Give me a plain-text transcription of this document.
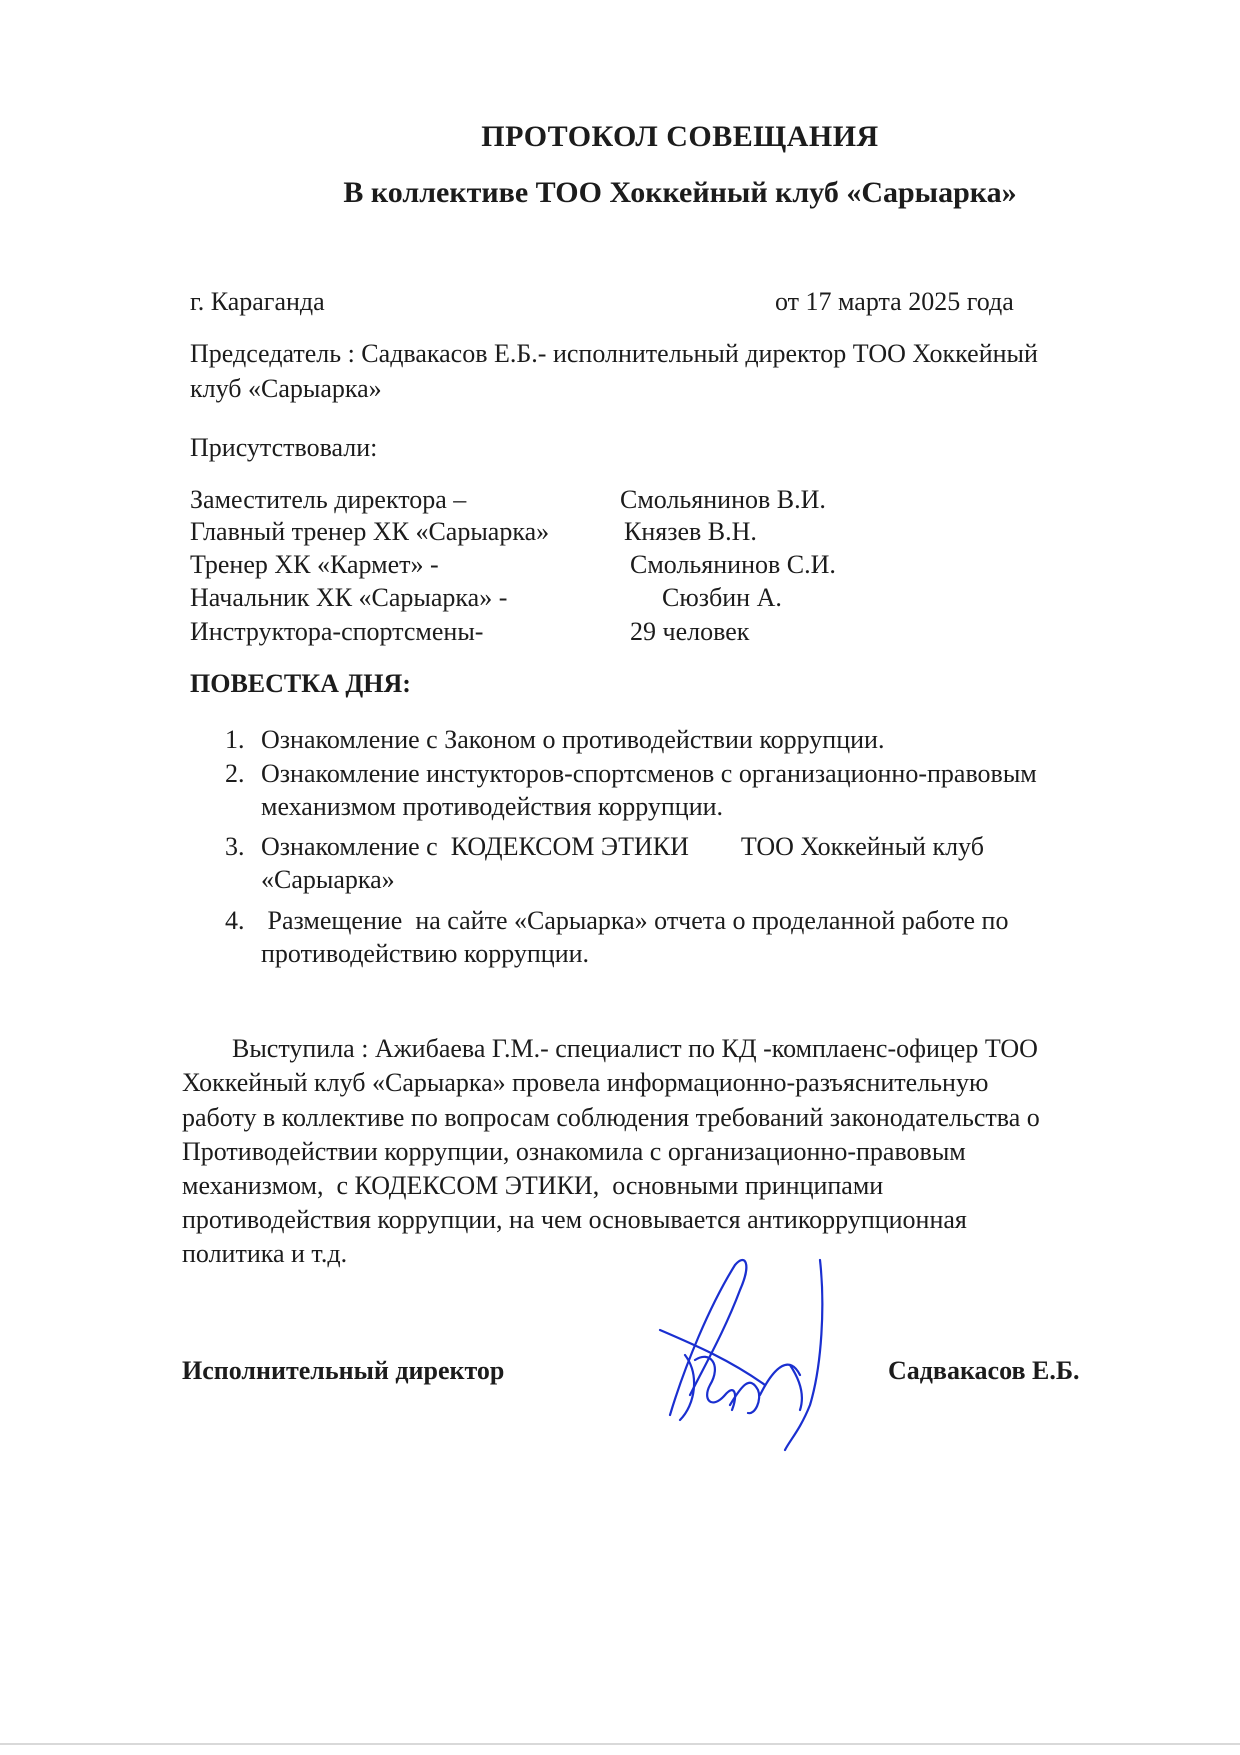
ПРОТОКОЛ СОВЕЩАНИЯ
В коллективе ТОО Хоккейный клуб «Сарыарка»
г. Караганда	от 17 марта 2025 года
Председатель : Садвакасов Е.Б.- исполнительный директор ТОО Хоккейный
клуб «Сарыарка»
Присутствовали:
Заместитель директора –	Смольянинов В.И.
Главный тренер ХК «Сарыарка»	Князев В.Н.
Тренер ХК «Кармет» -	Смольянинов С.И.
Начальник ХК «Сарыарка» -	Сюзбин А.
Инструктора-спортсмены-	29 человек
ПОВЕСТКА ДНЯ:
1. Ознакомление с Законом о противодействии коррупции.
2. Ознакомление инстукторов-спортсменов с организационно-правовым
механизмом противодействия коррупции.
3. Ознакомление с  КОДЕКСОМ ЭТИКИ        ТОО Хоккейный клуб
«Сарыарка»
4. Размещение  на сайте «Сарыарка» отчета о проделанной работе по
противодействию коррупции.
Выступила : Ажибаева Г.М.- специалист по КД -комплаенс-офицер ТОО
Хоккейный клуб «Сарыарка» провела информационно-разъяснительную
работу в коллективе по вопросам соблюдения требований законодательства о
Противодействии коррупции, ознакомила с организационно-правовым
механизмом,  с КОДЕКСОМ ЭТИКИ,  основными принципами
противодействия коррупции, на чем основывается антикоррупционная
политика и т.д.
Исполнительный директор	Садвакасов Е.Б.
